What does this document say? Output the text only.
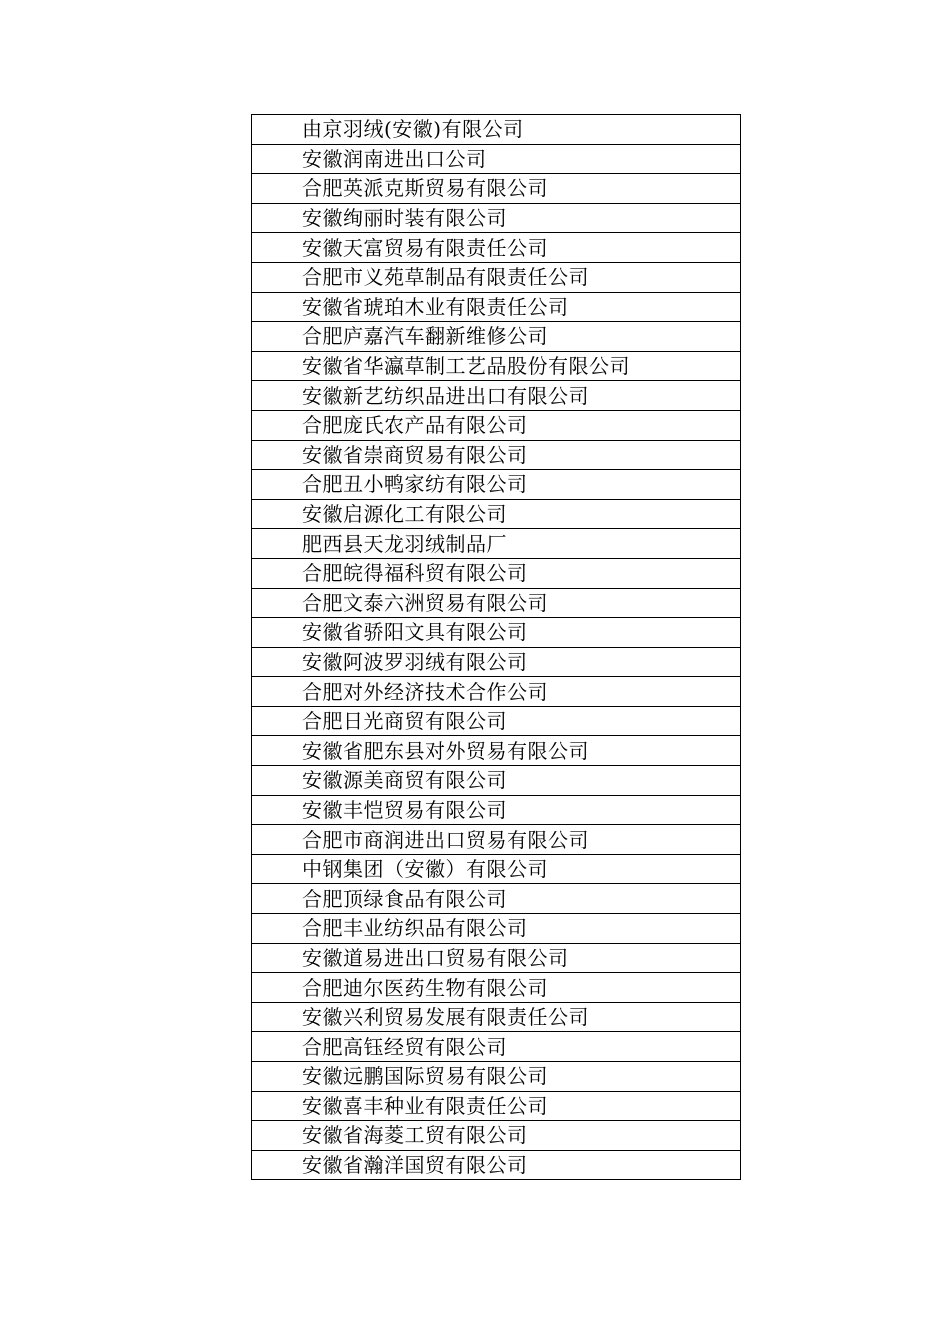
由京羽绒(安徽)有限公司
安徽润南进出口公司
合肥英派克斯贸易有限公司
安徽绚丽时装有限公司
安徽天富贸易有限责任公司
合肥市义苑草制品有限责任公司
安徽省琥珀木业有限责任公司
合肥庐嘉汽车翻新维修公司
安徽省华瀛草制工艺品股份有限公司
安徽新艺纺织品进出口有限公司
合肥庞氏农产品有限公司
安徽省崇商贸易有限公司
合肥丑小鸭家纺有限公司
安徽启源化工有限公司
肥西县天龙羽绒制品厂
合肥皖得福科贸有限公司
合肥文泰六洲贸易有限公司
安徽省骄阳文具有限公司
安徽阿波罗羽绒有限公司
合肥对外经济技术合作公司
合肥日光商贸有限公司
安徽省肥东县对外贸易有限公司
安徽源美商贸有限公司
安徽丰恺贸易有限公司
合肥市商润进出口贸易有限公司
中钢集团（安徽）有限公司
合肥顶绿食品有限公司
合肥丰业纺织品有限公司
安徽道易进出口贸易有限公司
合肥迪尔医药生物有限公司
安徽兴利贸易发展有限责任公司
合肥高钰经贸有限公司
安徽远鹏国际贸易有限公司
安徽喜丰种业有限责任公司
安徽省海菱工贸有限公司
安徽省瀚洋国贸有限公司
